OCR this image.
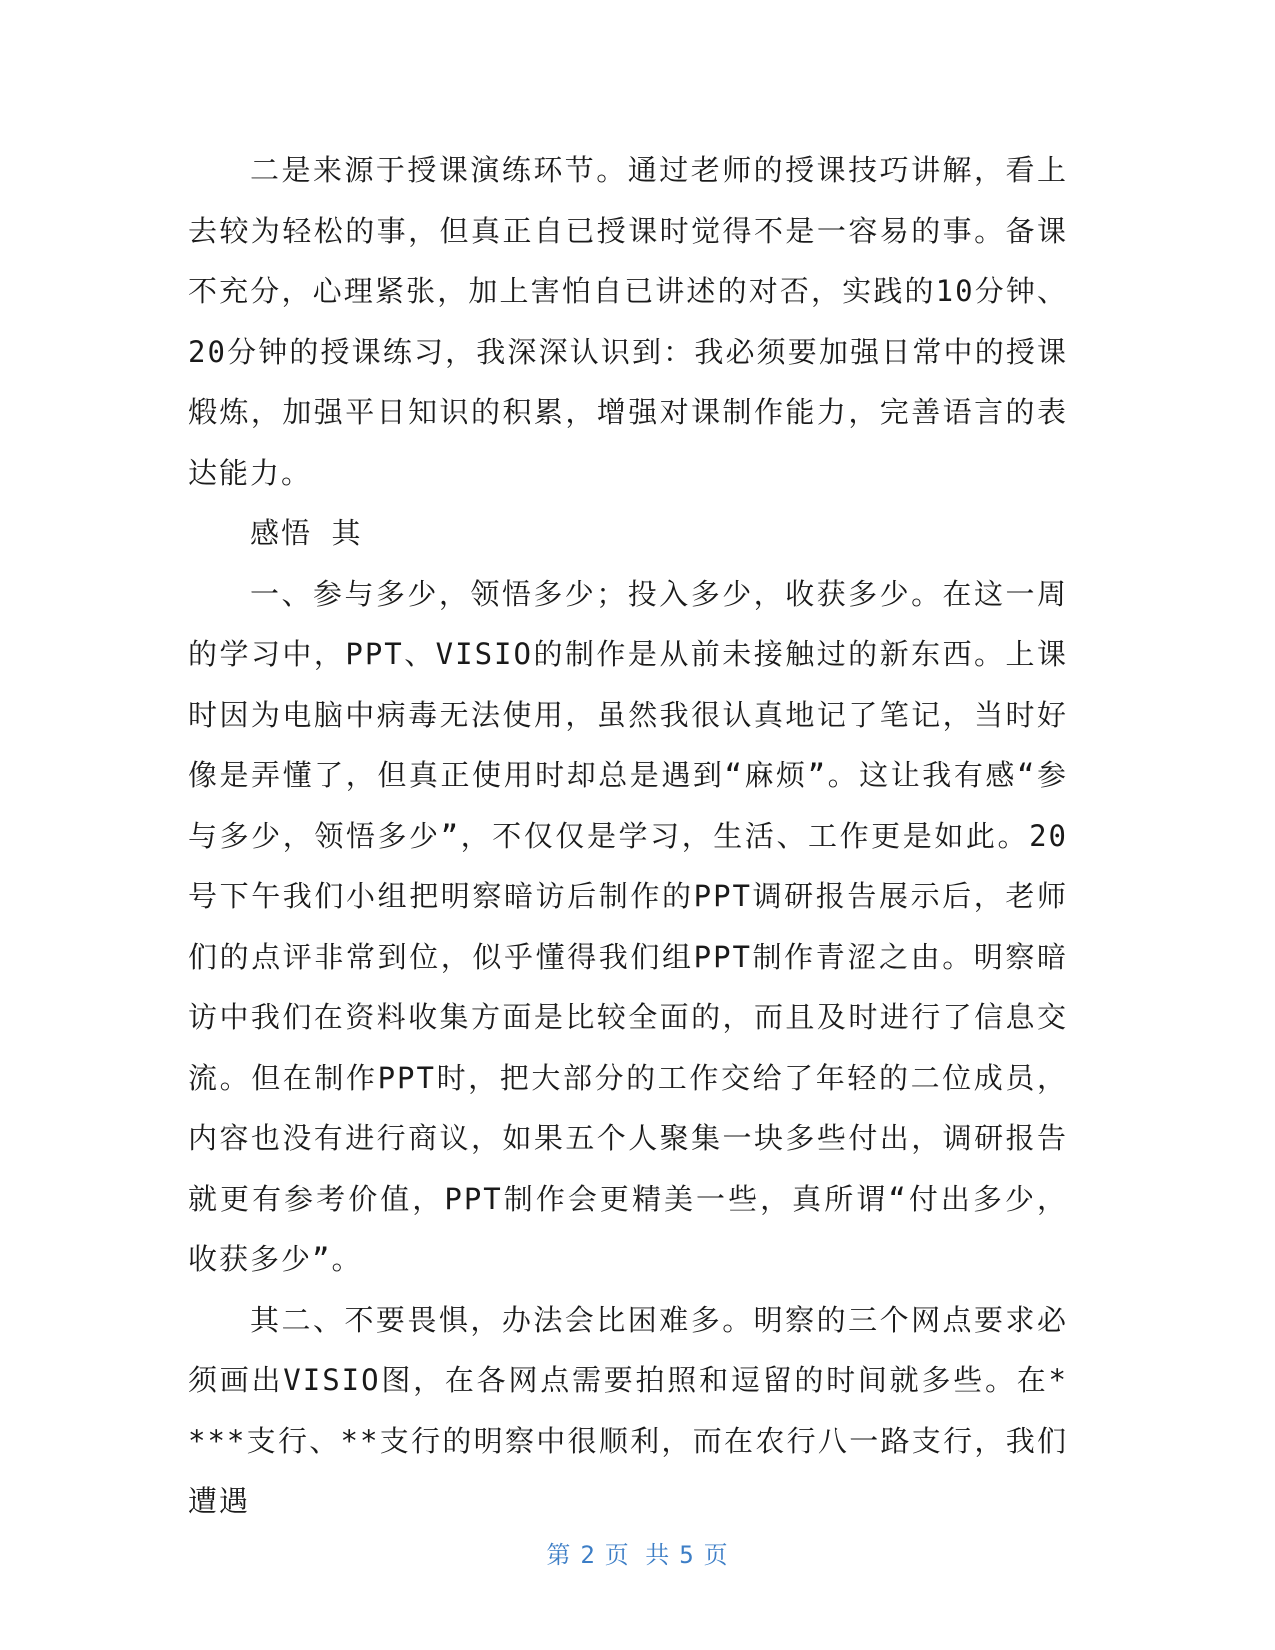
二是来源于授课演练环节。通过老师的授课技巧讲解，看上去较为轻松的事，但真正自已授课时觉得不是一容易的事。备课不充分，心理紧张，加上害怕自已讲述的对否，实践的10分钟、20分钟的授课练习，我深深认识到：我必须要加强日常中的授课煅炼，加强平日知识的积累，增强对课制作能力，完善语言的表达能力。

感悟 其

一、参与多少，领悟多少；投入多少，收获多少。在这一周的学习中，PPT、VISIO的制作是从前未接触过的新东西。上课时因为电脑中病毒无法使用，虽然我很认真地记了笔记，当时好像是弄懂了，但真正使用时却总是遇到“麻烦”。这让我有感“参与多少，领悟多少”，不仅仅是学习，生活、工作更是如此。20号下午我们小组把明察暗访后制作的PPT调研报告展示后，老师们的点评非常到位，似乎懂得我们组PPT制作青涩之由。明察暗访中我们在资料收集方面是比较全面的，而且及时进行了信息交流。但在制作PPT时，把大部分的工作交给了年轻的二位成员，内容也没有进行商议，如果五个人聚集一块多些付出，调研报告就更有参考价值，PPT制作会更精美一些，真所谓“付出多少，收获多少”。

其二、不要畏惧，办法会比困难多。明察的三个网点要求必须画出VISIO图，在各网点需要拍照和逗留的时间就多些。在****支行、**支行的明察中很顺利，而在农行八一路支行，我们遭遇

第 2 页 共 5 页
